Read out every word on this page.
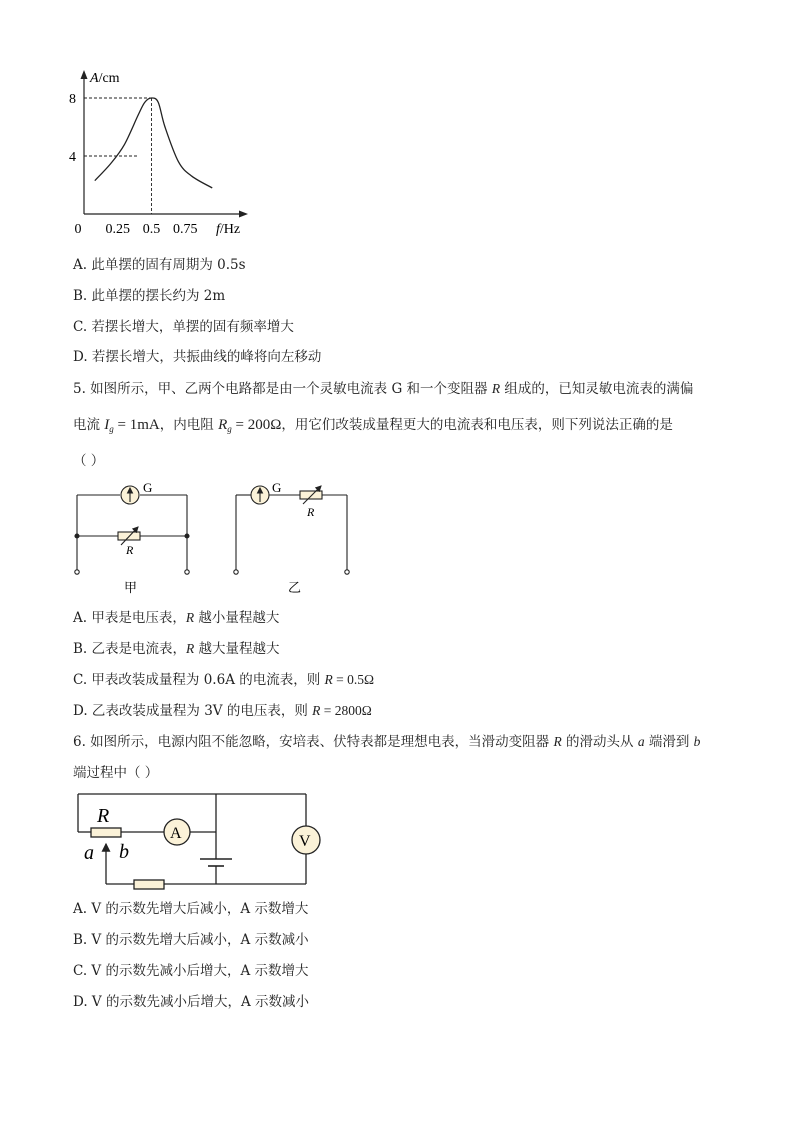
A/cm
f/Hz
0 0.25 0.5 0.75
4
8
A. 此单摆的固有周期为 0.5s
B. 此单摆的摆长约为 2m
C. 若摆长增大，单摆的固有频率增大
D. 若摆长增大，共振曲线的峰将向左移动
5. 如图所示，甲、乙两个电路都是由一个灵敏电流表 G 和一个变阻器 R 组成的，已知灵敏电流表的满偏
电流 $I_g = 1mA$，内电阻 $R_g = 200\Omega$，用它们改装成量程更大的电流表和电压表，则下列说法正确的是
（ ）
G
R
甲
G
R
乙
A. 甲表是电压表，R 越小量程越大
B. 乙表是电流表，R 越大量程越大
C. 甲表改装成量程为 0.6A 的电流表，则 R = 0.5Ω
D. 乙表改装成量程为 3V 的电压表，则 R = 2800Ω
6. 如图所示，电源内阻不能忽略，安培表、伏特表都是理想电表，当滑动变阻器 R 的滑动头从 a 端滑到 b
端过程中（ ）
R
A	V
a b
A. V 的示数先增大后减小，A 示数增大
B. V 的示数先增大后减小，A 示数减小
C. V 的示数先减小后增大，A 示数增大
D. V 的示数先减小后增大，A 示数减小
